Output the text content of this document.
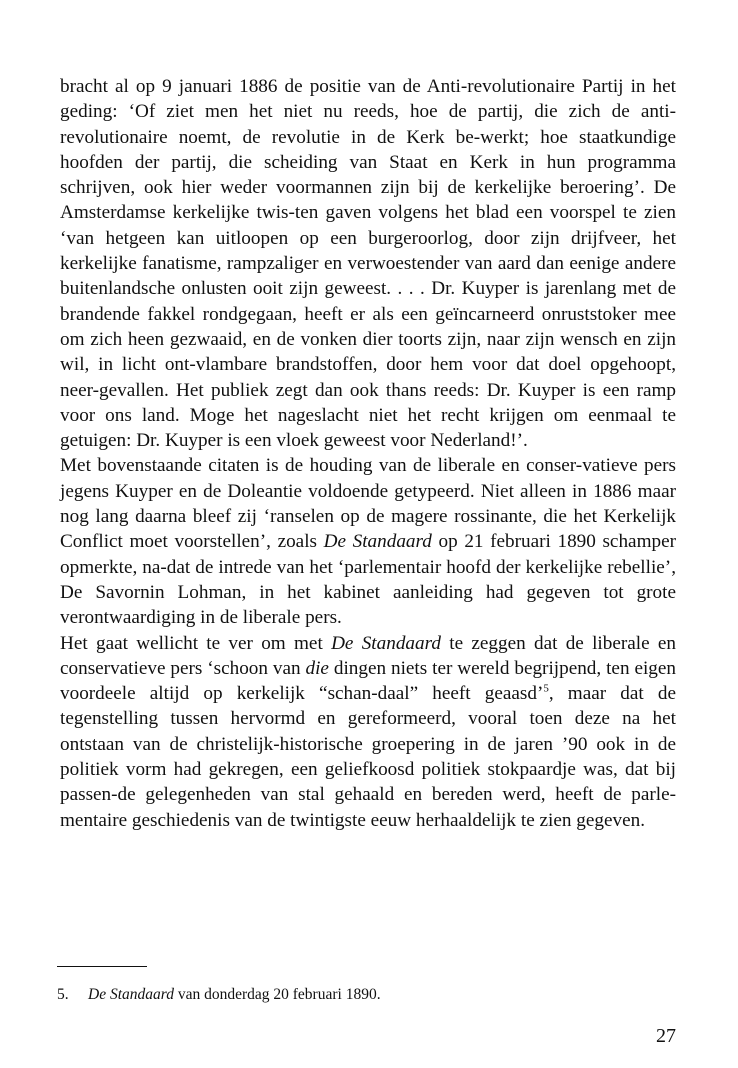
bracht al op 9 januari 1886 de positie van de Anti-revolutionaire Partij in het geding: ‘Of ziet men het niet nu reeds, hoe de partij, die zich de anti-revolutionaire noemt, de revolutie in de Kerk be-werkt; hoe staatkundige hoofden der partij, die scheiding van Staat en Kerk in hun programma schrijven, ook hier weder voormannen zijn bij de kerkelijke beroering’. De Amsterdamse kerkelijke twis-ten gaven volgens het blad een voorspel te zien ‘van hetgeen kan uitloopen op een burgeroorlog, door zijn drijfveer, het kerkelijke fanatisme, rampzaliger en verwoestender van aard dan eenige andere buitenlandsche onlusten ooit zijn geweest. . . . Dr. Kuyper is jarenlang met de brandende fakkel rondgegaan, heeft er als een geïncarneerd onruststoker mee om zich heen gezwaaid, en de vonken dier toorts zijn, naar zijn wensch en zijn wil, in licht ont-vlambare brandstoffen, door hem voor dat doel opgehoopt, neer-gevallen. Het publiek zegt dan ook thans reeds: Dr. Kuyper is een ramp voor ons land. Moge het nageslacht niet het recht krijgen om eenmaal te getuigen: Dr. Kuyper is een vloek geweest voor Nederland!’.

Met bovenstaande citaten is de houding van de liberale en conser-vatieve pers jegens Kuyper en de Doleantie voldoende getypeerd. Niet alleen in 1886 maar nog lang daarna bleef zij ‘ranselen op de magere rossinante, die het Kerkelijk Conflict moet voorstellen’, zoals De Standaard op 21 februari 1890 schamper opmerkte, na-dat de intrede van het ‘parlementair hoofd der kerkelijke rebellie’, De Savornin Lohman, in het kabinet aanleiding had gegeven tot grote verontwaardiging in de liberale pers.

Het gaat wellicht te ver om met De Standaard te zeggen dat de liberale en conservatieve pers ‘schoon van die dingen niets ter wereld begrijpend, ten eigen voordeele altijd op kerkelijk “schan-daal” heeft geaasd’$^5$, maar dat de tegenstelling tussen hervormd en gereformeerd, vooral toen deze na het ontstaan van de christelijk-historische groepering in de jaren ’90 ook in de politiek vorm had gekregen, een geliefkoosd politiek stokpaardje was, dat bij passen-de gelegenheden van stal gehaald en bereden werd, heeft de parle-mentaire geschiedenis van de twintigste eeuw herhaaldelijk te zien gegeven.

5. De Standaard van donderdag 20 februari 1890.
27
